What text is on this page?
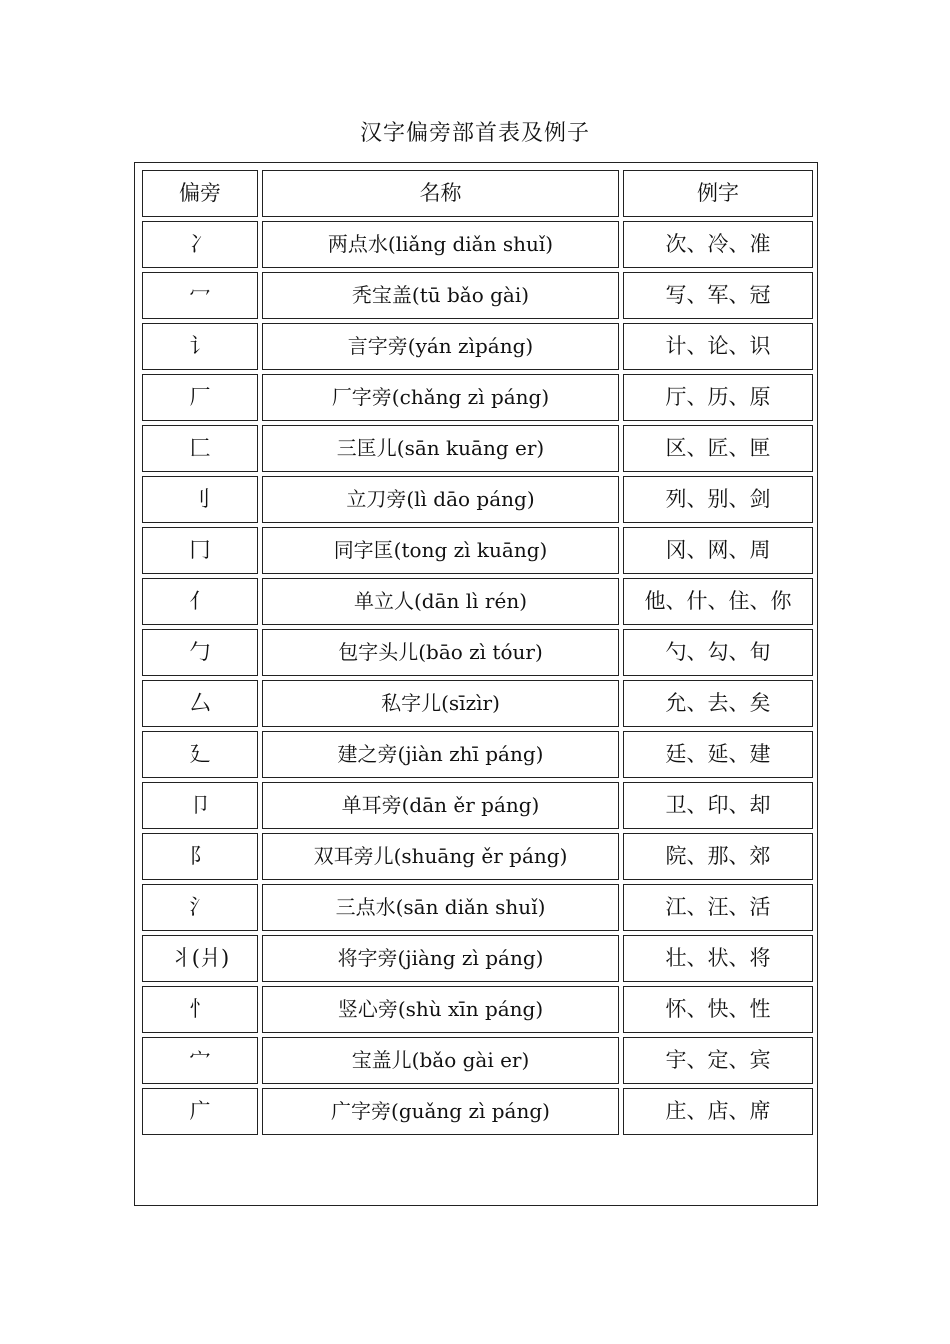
汉字偏旁部首表及例子
偏旁	名称	例字
冫	两点水(liǎng diǎn shuǐ)	次、冷、准
冖	秃宝盖(tū bǎo gài)	写、军、冠
讠	言字旁(yán zìpáng)	计、论、识
厂	厂字旁(chǎng zì páng)	厅、历、原
匚	三匡儿(sān kuāng er)	区、匠、匣
刂	立刀旁(lì dāo páng)	列、别、剑
冂	同字匡(tong zì kuāng)	冈、网、周
亻	单立人(dān lì rén)	他、什、住、你
勹	包字头儿(bāo zì tóur)	勺、勾、旬
厶	私字儿(sīzìr)	允、去、矣
廴	建之旁(jiàn zhī páng)	廷、延、建
卩	单耳旁(dān ěr páng)	卫、印、却
阝	双耳旁儿(shuāng ěr páng)	院、那、郊
氵	三点水(sān diǎn shuǐ)	江、汪、活
丬(爿)	将字旁(jiàng zì páng)	壮、状、将
忄	竖心旁(shù xīn páng)	怀、快、性
宀	宝盖儿(bǎo gài er)	宇、定、宾
广	广字旁(guǎng zì páng)	庄、店、席
